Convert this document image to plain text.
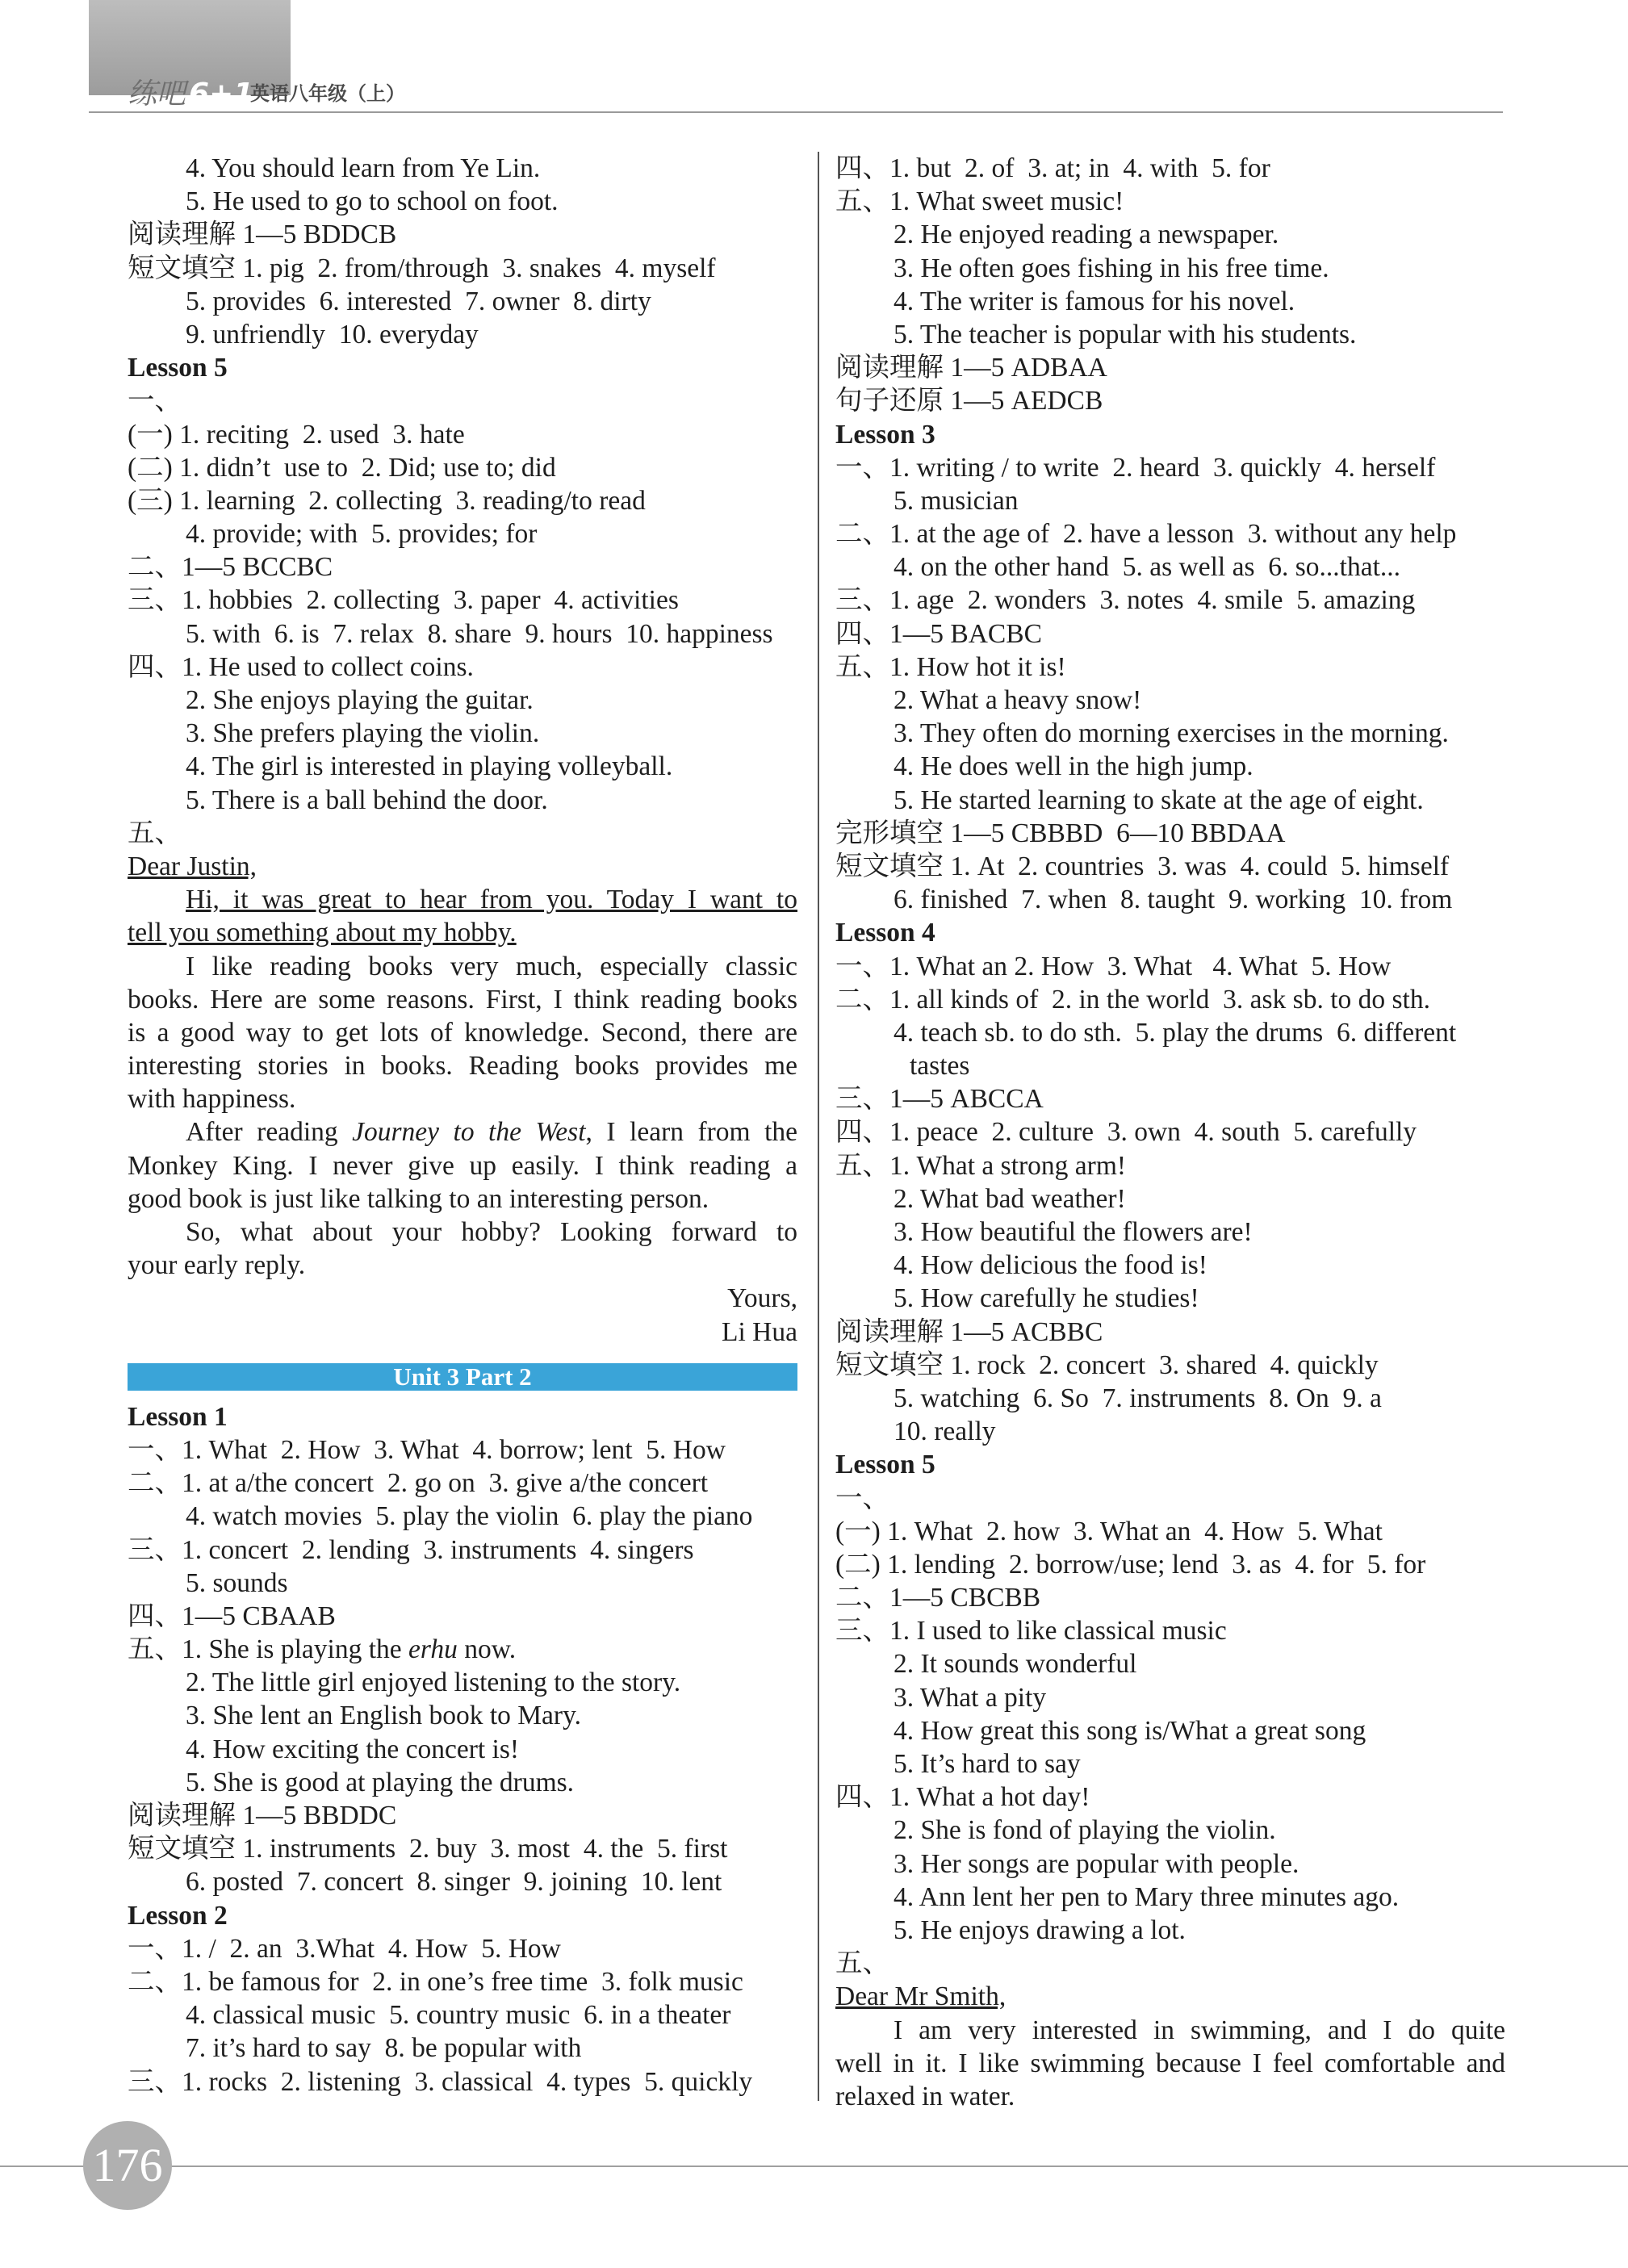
练吧 6+1
英语八年级（上）
4. You should learn from Ye Lin.
5. He used to go to school on foot.
阅读理解 1—5 BDDCB
短文填空 1. pig  2. from/through  3. snakes  4. myself
5. provides  6. interested  7. owner  8. dirty
9. unfriendly  10. everyday
Lesson 5
一、
(一) 1. reciting  2. used  3. hate
(二) 1. didn’t  use to  2. Did; use to; did
(三) 1. learning  2. collecting  3. reading/to read
4. provide; with  5. provides; for
二、1—5 BCCBC
三、1. hobbies  2. collecting  3. paper  4. activities
5. with  6. is  7. relax  8. share  9. hours  10. happiness
四、1. He used to collect coins.
2. She enjoys playing the guitar.
3. She prefers playing the violin.
4. The girl is interested in playing volleyball.
5. There is a ball behind the door.
五、
Dear Justin,
Hi, it was great to hear from you. Today I want to
tell you something about my hobby.
I like reading books very much, especially classic
books. Here are some reasons. First, I think reading books
is a good way to get lots of knowledge. Second, there are
interesting stories in books. Reading books provides me
with happiness.
After reading Journey to the West, I learn from the
Monkey King. I never give up easily. I think reading a
good book is just like talking to an interesting person.
So, what about your hobby? Looking forward to
your early reply.
Yours,
Li Hua
Unit 3 Part 2
Lesson 1
一、1. What  2. How  3. What  4. borrow; lent  5. How
二、1. at a/the concert  2. go on  3. give a/the concert
4. watch movies  5. play the violin  6. play the piano
三、1. concert  2. lending  3. instruments  4. singers
5. sounds
四、1—5 CBAAB
五、1. She is playing the erhu now.
2. The little girl enjoyed listening to the story.
3. She lent an English book to Mary.
4. How exciting the concert is!
5. She is good at playing the drums.
阅读理解 1—5 BBDDC
短文填空 1. instruments  2. buy  3. most  4. the  5. first
6. posted  7. concert  8. singer  9. joining  10. lent
Lesson 2
一、1. /  2. an  3.What  4. How  5. How
二、1. be famous for  2. in one’s free time  3. folk music
4. classical music  5. country music  6. in a theater
7. it’s hard to say  8. be popular with
三、1. rocks  2. listening  3. classical  4. types  5. quickly
四、1. but  2. of  3. at; in  4. with  5. for
五、1. What sweet music!
2. He enjoyed reading a newspaper.
3. He often goes fishing in his free time.
4. The writer is famous for his novel.
5. The teacher is popular with his students.
阅读理解 1—5 ADBAA
句子还原 1—5 AEDCB
Lesson 3
一、1. writing / to write  2. heard  3. quickly  4. herself
5. musician
二、1. at the age of  2. have a lesson  3. without any help
4. on the other hand  5. as well as  6. so...that...
三、1. age  2. wonders  3. notes  4. smile  5. amazing
四、1—5 BACBC
五、1. How hot it is!
2. What a heavy snow!
3. They often do morning exercises in the morning.
4. He does well in the high jump.
5. He started learning to skate at the age of eight.
完形填空 1—5 CBBBD  6—10 BBDAA
短文填空 1. At  2. countries  3. was  4. could  5. himself
6. finished  7. when  8. taught  9. working  10. from
Lesson 4
一、1. What an 2. How  3. What   4. What  5. How
二、1. all kinds of  2. in the world  3. ask sb. to do sth.
4. teach sb. to do sth.  5. play the drums  6. different
tastes
三、1—5 ABCCA
四、1. peace  2. culture  3. own  4. south  5. carefully
五、1. What a strong arm!
2. What bad weather!
3. How beautiful the flowers are!
4. How delicious the food is!
5. How carefully he studies!
阅读理解 1—5 ACBBC
短文填空 1. rock  2. concert  3. shared  4. quickly
5. watching  6. So  7. instruments  8. On  9. a
10. really
Lesson 5
一、
(一) 1. What  2. how  3. What an  4. How  5. What
(二) 1. lending  2. borrow/use; lend  3. as  4. for  5. for
二、1—5 CBCBB
三、1. I used to like classical music
2. It sounds wonderful
3. What a pity
4. How great this song is/What a great song
5. It’s hard to say
四、1. What a hot day!
2. She is fond of playing the violin.
3. Her songs are popular with people.
4. Ann lent her pen to Mary three minutes ago.
5. He enjoys drawing a lot.
五、
Dear Mr Smith,
I am very interested in swimming, and I do quite
well in it. I like swimming because I feel comfortable and
relaxed in water.
176
